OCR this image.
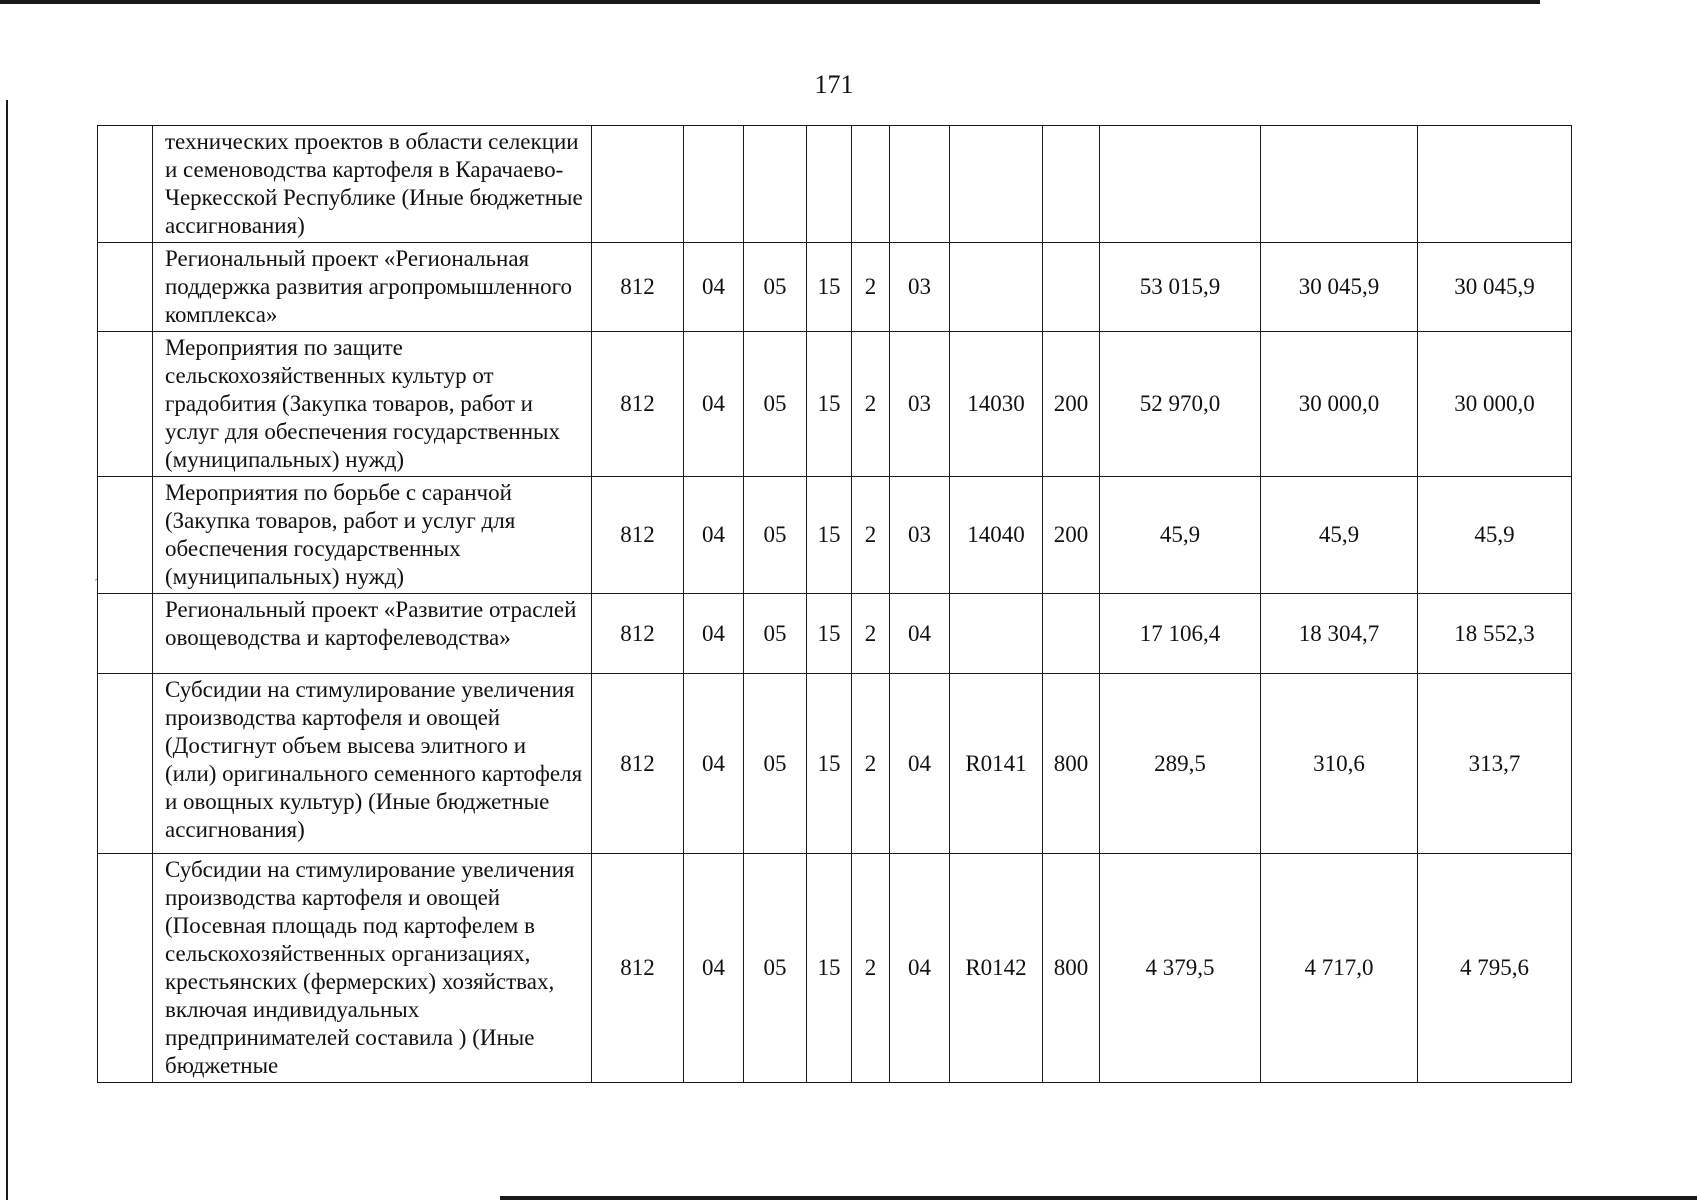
171
ʾ
	технических проектов в области селекции и семеноводства картофеля в Карачаево-Черкесской Республике (Иные бюджетные ассигнования)											
	Региональный проект «Региональная поддержка развития агропромышленного комплекса»	812	04	05	15	2	03			53 015,9	30 045,9	30 045,9
	Мероприятия по защите сельскохозяйственных культур от градобития (Закупка товаров, работ и услуг для обеспечения государственных (муниципальных) нужд)	812	04	05	15	2	03	14030	200	52 970,0	30 000,0	30 000,0
	Мероприятия по борьбе с саранчой (Закупка товаров, работ и услуг для обеспечения государственных (муниципальных) нужд)	812	04	05	15	2	03	14040	200	45,9	45,9	45,9
	Региональный проект «Развитие отраслей овощеводства и картофелеводства»	812	04	05	15	2	04			17 106,4	18 304,7	18 552,3
	Субсидии на стимулирование увеличения производства картофеля и овощей (Достигнут объем высева элитного и (или) оригинального семенного картофеля и овощных культур) (Иные бюджетные ассигнования)	812	04	05	15	2	04	R0141	800	289,5	310,6	313,7
	Субсидии на стимулирование увеличения производства картофеля и овощей (Посевная площадь под картофелем в сельскохозяйственных организациях, крестьянских (фермерских) хозяйствах, включая индивидуальных предпринимателей составила ) (Иные бюджетные	812	04	05	15	2	04	R0142	800	4 379,5	4 717,0	4 795,6
